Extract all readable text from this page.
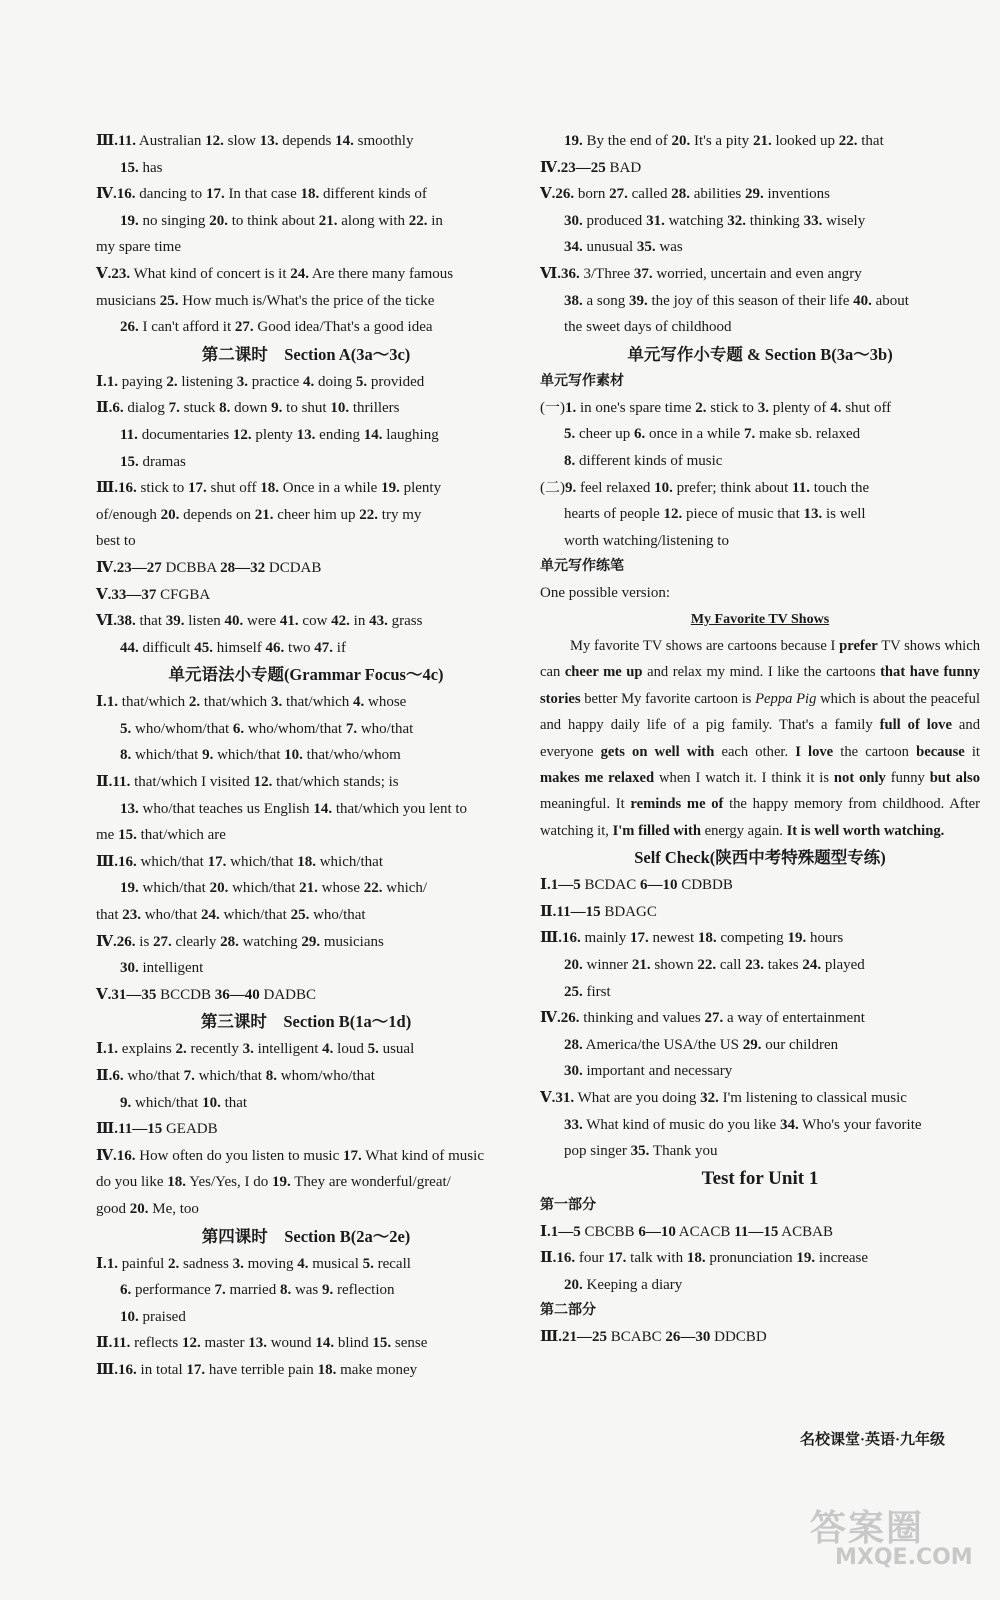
Ⅲ.11. Australian 12. slow 13. depends 14. smoothly
15. has
Ⅳ.16. dancing to 17. In that case 18. different kinds of
19. no singing 20. to think about 21. along with 22. in
my spare time
Ⅴ.23. What kind of concert is it 24. Are there many famous
musicians 25. How much is/What's the price of the ticke
26. I can't afford it 27. Good idea/That's a good idea
第二课时　Section A(3a～3c)
Ⅰ.1. paying 2. listening 3. practice 4. doing 5. provided
Ⅱ.6. dialog 7. stuck 8. down 9. to shut 10. thrillers
11. documentaries 12. plenty 13. ending 14. laughing
15. dramas
Ⅲ.16. stick to 17. shut off 18. Once in a while 19. plenty
of/enough 20. depends on 21. cheer him up 22. try my
best to
Ⅳ.23—27 DCBBA 28—32 DCDAB
Ⅴ.33—37 CFGBA
Ⅵ.38. that 39. listen 40. were 41. cow 42. in 43. grass
44. difficult 45. himself 46. two 47. if
单元语法小专题(Grammar Focus～4c)
Ⅰ.1. that/which 2. that/which 3. that/which 4. whose
5. who/whom/that 6. who/whom/that 7. who/that
8. which/that 9. which/that 10. that/who/whom
Ⅱ.11. that/which I visited 12. that/which stands; is
13. who/that teaches us English 14. that/which you lent to
me 15. that/which are
Ⅲ.16. which/that 17. which/that 18. which/that
19. which/that 20. which/that 21. whose 22. which/
that 23. who/that 24. which/that 25. who/that
Ⅳ.26. is 27. clearly 28. watching 29. musicians
30. intelligent
Ⅴ.31—35 BCCDB 36—40 DADBC
第三课时　Section B(1a～1d)
Ⅰ.1. explains 2. recently 3. intelligent 4. loud 5. usual
Ⅱ.6. who/that 7. which/that 8. whom/who/that
9. which/that 10. that
Ⅲ.11—15 GEADB
Ⅳ.16. How often do you listen to music 17. What kind of music
do you like 18. Yes/Yes, I do 19. They are wonderful/great/
good 20. Me, too
第四课时　Section B(2a～2e)
Ⅰ.1. painful 2. sadness 3. moving 4. musical 5. recall
6. performance 7. married 8. was 9. reflection
10. praised
Ⅱ.11. reflects 12. master 13. wound 14. blind 15. sense
Ⅲ.16. in total 17. have terrible pain 18. make money
19. By the end of 20. It's a pity 21. looked up 22. that
Ⅳ.23—25 BAD
Ⅴ.26. born 27. called 28. abilities 29. inventions
30. produced 31. watching 32. thinking 33. wisely
34. unusual 35. was
Ⅵ.36. 3/Three 37. worried, uncertain and even angry
38. a song 39. the joy of this season of their life 40. about
the sweet days of childhood
单元写作小专题 & Section B(3a～3b)
单元写作素材
(一)1. in one's spare time 2. stick to 3. plenty of 4. shut off
5. cheer up 6. once in a while 7. make sb. relaxed
8. different kinds of music
(二)9. feel relaxed 10. prefer; think about 11. touch the
hearts of people 12. piece of music that 13. is well
worth watching/listening to
单元写作练笔
One possible version:
My Favorite TV Shows
My favorite TV shows are cartoons because I prefer TV shows which can cheer me up and relax my mind. I like the cartoons that have funny stories better My favorite cartoon is Peppa Pig which is about the peaceful and happy daily life of a pig family. That's a family full of love and everyone gets on well with each other. I love the cartoon because it makes me relaxed when I watch it. I think it is not only funny but also meaningful. It reminds me of the happy memory from childhood. After watching it, I'm filled with energy again. It is well worth watching.
Self Check(陕西中考特殊题型专练)
Ⅰ.1—5 BCDAC 6—10 CDBDB
Ⅱ.11—15 BDAGC
Ⅲ.16. mainly 17. newest 18. competing 19. hours
20. winner 21. shown 22. call 23. takes 24. played
25. first
Ⅳ.26. thinking and values 27. a way of entertainment
28. America/the USA/the US 29. our children
30. important and necessary
Ⅴ.31. What are you doing 32. I'm listening to classical music
33. What kind of music do you like 34. Who's your favorite
pop singer 35. Thank you
Test for Unit 1
第一部分
Ⅰ.1—5 CBCBB 6—10 ACACB 11—15 ACBAB
Ⅱ.16. four 17. talk with 18. pronunciation 19. increase
20. Keeping a diary
第二部分
Ⅲ.21—25 BCABC 26—30 DDCBD
名校课堂·英语·九年级
答案圈
MXQE.COM
